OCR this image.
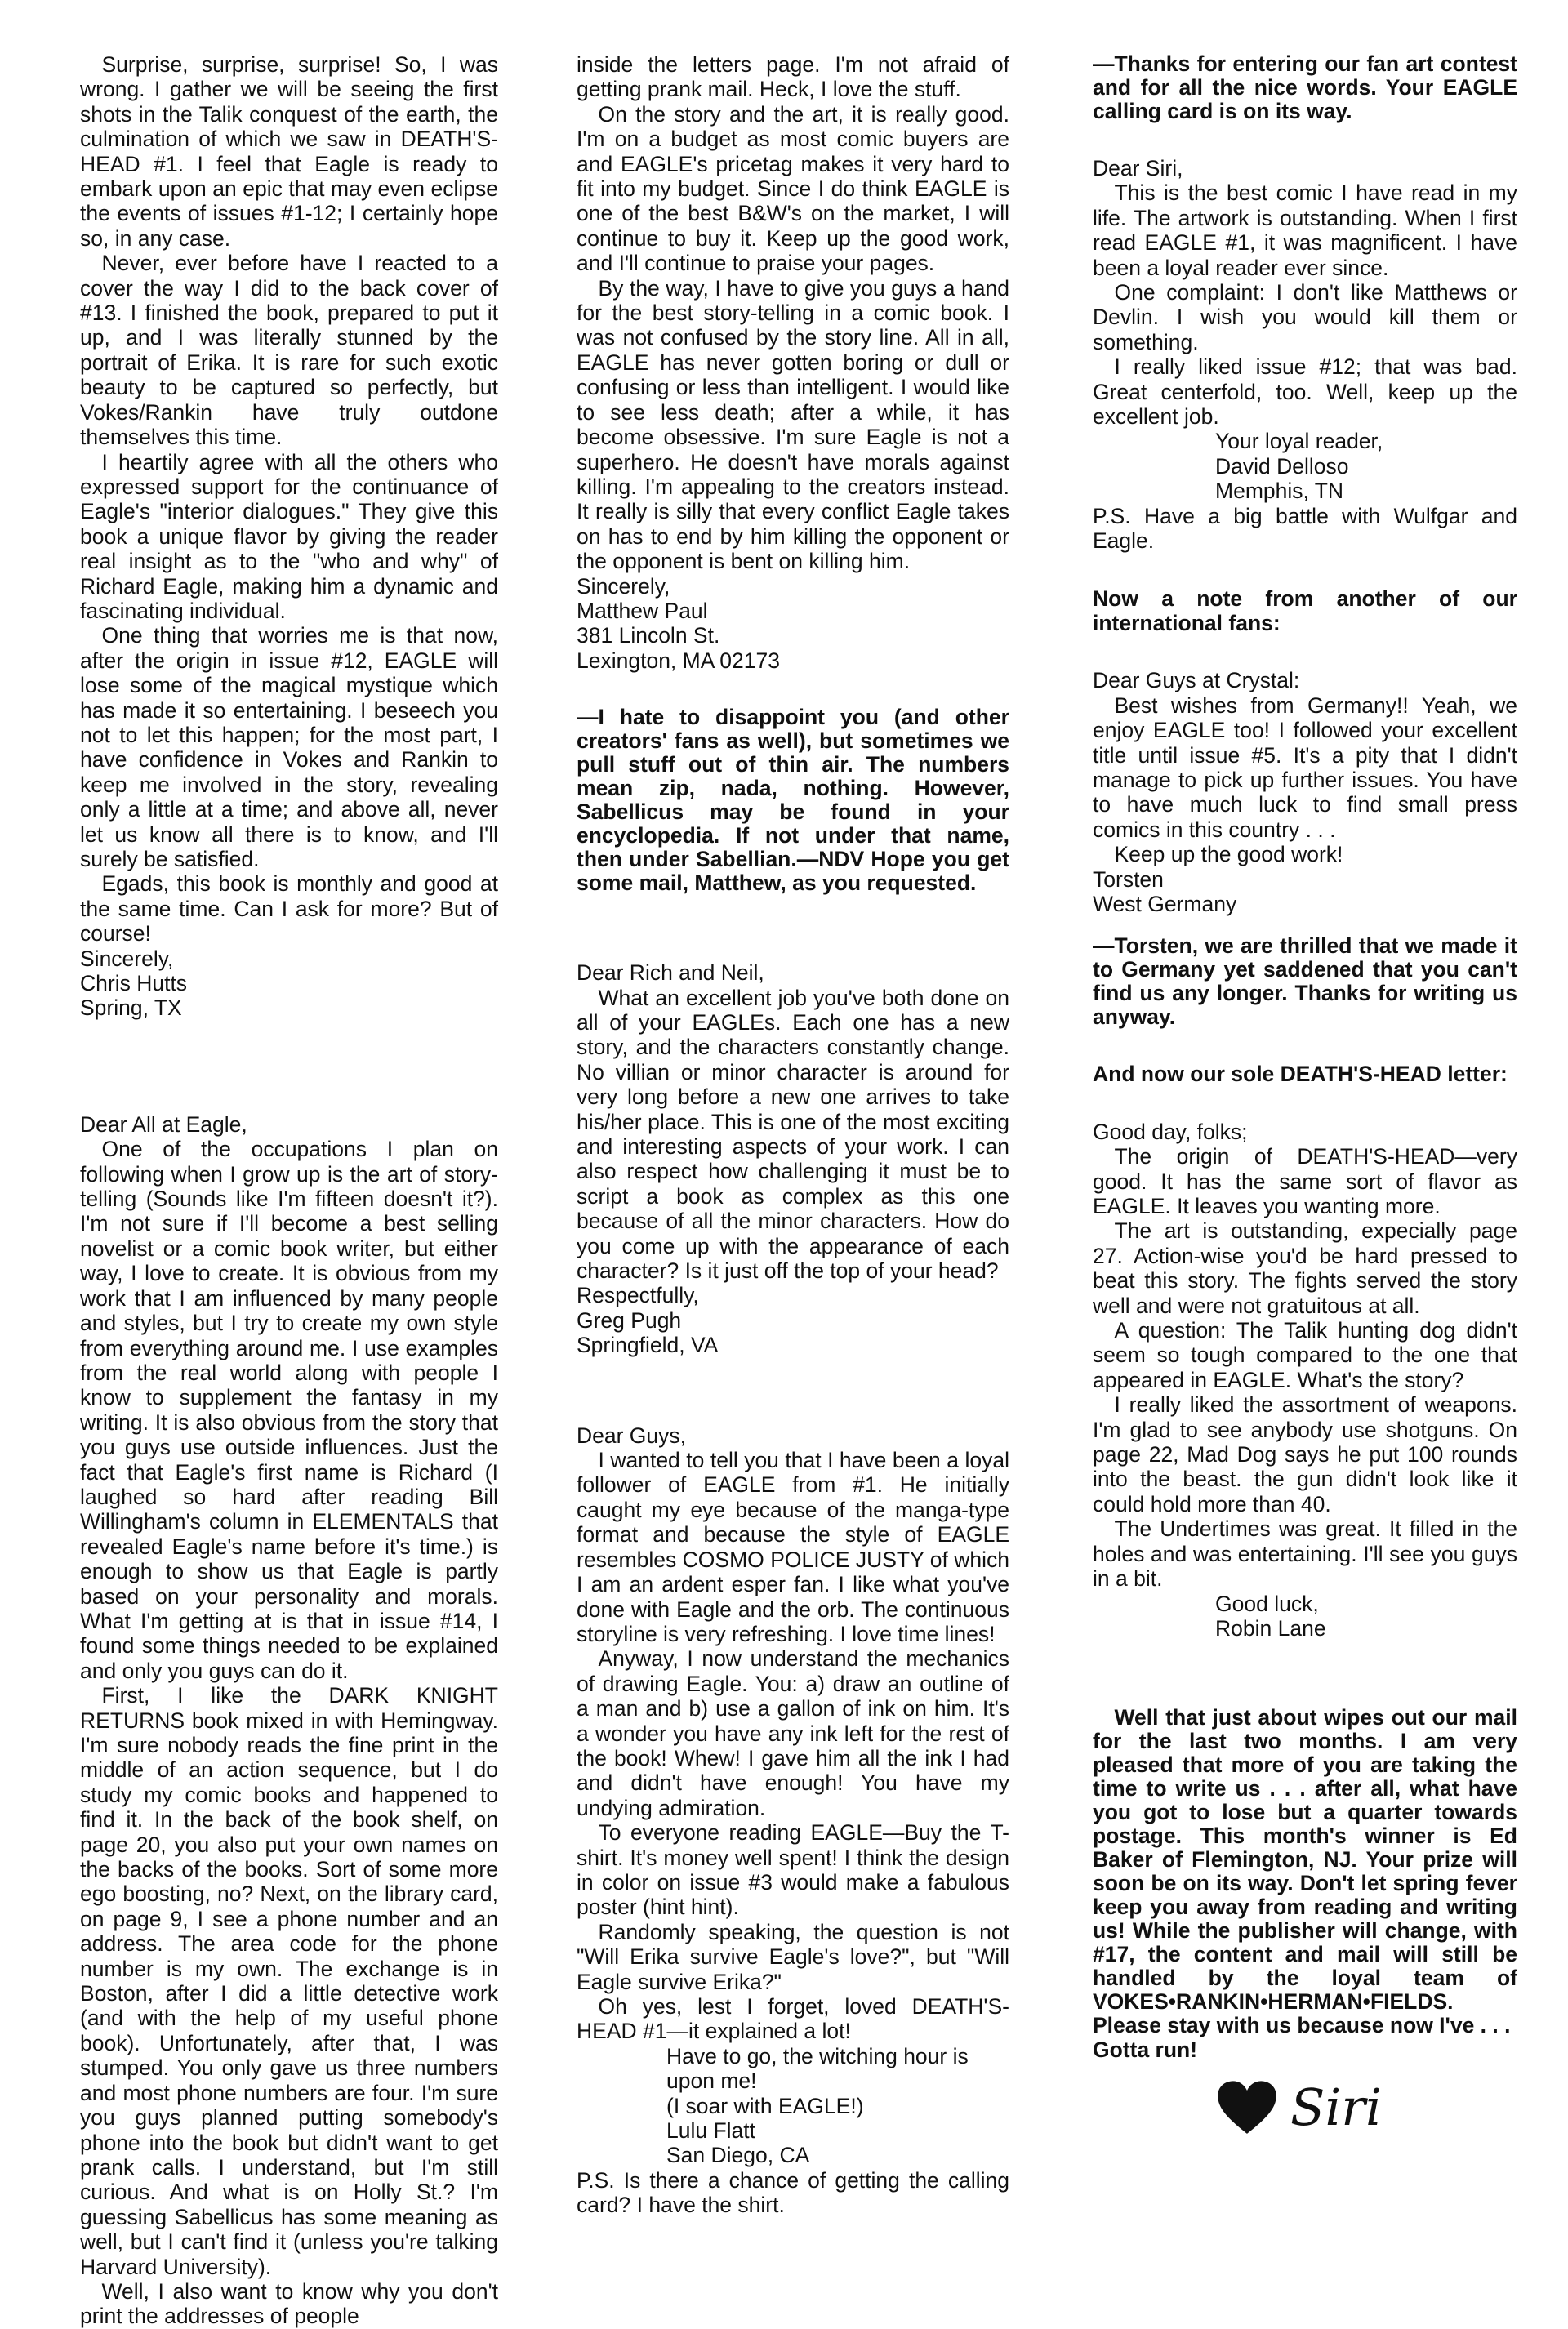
Surprise, surprise, surprise! So, I was wrong. I gather we will be seeing the first shots in the Talik conquest of the earth, the culmination of which we saw in DEATH'S-HEAD #1. I feel that Eagle is ready to embark upon an epic that may even eclipse the events of issues #1-12; I certainly hope so, in any case.

Never, ever before have I reacted to a cover the way I did to the back cover of #13. I finished the book, prepared to put it up, and I was literally stunned by the portrait of Erika. It is rare for such exotic beauty to be captured so perfectly, but Vokes/Rankin have truly outdone themselves this time.

I heartily agree with all the others who expressed support for the continuance of Eagle's "interior dialogues." They give this book a unique flavor by giving the reader real insight as to the "who and why" of Richard Eagle, making him a dynamic and fascinating individual.

One thing that worries me is that now, after the origin in issue #12, EAGLE will lose some of the magical mystique which has made it so entertaining. I beseech you not to let this happen; for the most part, I have confidence in Vokes and Rankin to keep me involved in the story, revealing only a little at a time; and above all, never let us know all there is to know, and I'll surely be satisfied.

Egads, this book is monthly and good at the same time. Can I ask for more? But of course!

Sincerely,

Chris Hutts

Spring, TX

Dear All at Eagle,

One of the occupations I plan on following when I grow up is the art of story-telling (Sounds like I'm fifteen doesn't it?). I'm not sure if I'll become a best selling novelist or a comic book writer, but either way, I love to create. It is obvious from my work that I am influenced by many people and styles, but I try to create my own style from everything around me. I use examples from the real world along with people I know to supplement the fantasy in my writing. It is also obvious from the story that you guys use outside influences. Just the fact that Eagle's first name is Richard (I laughed so hard after reading Bill Willingham's column in ELEMENTALS that revealed Eagle's name before it's time.) is enough to show us that Eagle is partly based on your personality and morals. What I'm getting at is that in issue #14, I found some things needed to be explained and only you guys can do it.

First, I like the DARK KNIGHT RETURNS book mixed in with Hemingway. I'm sure nobody reads the fine print in the middle of an action sequence, but I do study my comic books and happened to find it. In the back of the book shelf, on page 20, you also put your own names on the backs of the books. Sort of some more ego boosting, no? Next, on the library card, on page 9, I see a phone number and an address. The area code for the phone number is my own. The exchange is in Boston, after I did a little detective work (and with the help of my useful phone book). Unfortunately, after that, I was stumped. You only gave us three numbers and most phone numbers are four. I'm sure you guys planned putting somebody's phone into the book but didn't want to get prank calls. I understand, but I'm still curious. And what is on Holly St.? I'm guessing Sabellicus has some meaning as well, but I can't find it (unless you're talking Harvard University).

Well, I also want to know why you don't print the addresses of people

inside the letters page. I'm not afraid of getting prank mail. Heck, I love the stuff.

On the story and the art, it is really good. I'm on a budget as most comic buyers are and EAGLE's pricetag makes it very hard to fit into my budget. Since I do think EAGLE is one of the best B&W's on the market, I will continue to buy it. Keep up the good work, and I'll continue to praise your pages.

By the way, I have to give you guys a hand for the best story-telling in a comic book. I was not confused by the story line. All in all, EAGLE has never gotten boring or dull or confusing or less than intelligent. I would like to see less death; after a while, it has become obsessive. I'm sure Eagle is not a superhero. He doesn't have morals against killing. I'm appealing to the creators instead. It really is silly that every conflict Eagle takes on has to end by him killing the opponent or the opponent is bent on killing him.

Sincerely,

Matthew Paul

381 Lincoln St.

Lexington, MA 02173

—I hate to disappoint you (and other creators' fans as well), but sometimes we pull stuff out of thin air. The numbers mean zip, nada, nothing. However, Sabellicus may be found in your encyclopedia. If not under that name, then under Sabellian.—NDV Hope you get some mail, Matthew, as you requested.

Dear Rich and Neil,

What an excellent job you've both done on all of your EAGLEs. Each one has a new story, and the characters constantly change. No villian or minor character is around for very long before a new one arrives to take his/her place. This is one of the most exciting and interesting aspects of your work. I can also respect how challenging it must be to script a book as complex as this one because of all the minor characters. How do you come up with the appearance of each character? Is it just off the top of your head?

Respectfully,

Greg Pugh

Springfield, VA

Dear Guys,

I wanted to tell you that I have been a loyal follower of EAGLE from #1. He initially caught my eye because of the manga-type format and because the style of EAGLE resembles COSMO POLICE JUSTY of which I am an ardent esper fan. I like what you've done with Eagle and the orb. The continuous storyline is very refreshing. I love time lines!

Anyway, I now understand the mechanics of drawing Eagle. You: a) draw an outline of a man and b) use a gallon of ink on him. It's a wonder you have any ink left for the rest of the book! Whew! I gave him all the ink I had and didn't have enough! You have my undying admiration.

To everyone reading EAGLE—Buy the T-shirt. It's money well spent! I think the design in color on issue #3 would make a fabulous poster (hint hint).

Randomly speaking, the question is not "Will Erika survive Eagle's love?", but "Will Eagle survive Erika?"

Oh yes, lest I forget, loved DEATH'S-HEAD #1—it explained a lot!

Have to go, the witching hour is upon me!

(I soar with EAGLE!)

Lulu Flatt

San Diego, CA

P.S. Is there a chance of getting the calling card? I have the shirt.

—Thanks for entering our fan art contest and for all the nice words. Your EAGLE calling card is on its way.

Dear Siri,

This is the best comic I have read in my life. The artwork is outstanding. When I first read EAGLE #1, it was magnificent. I have been a loyal reader ever since.

One complaint: I don't like Matthews or Devlin. I wish you would kill them or something.

I really liked issue #12; that was bad. Great centerfold, too. Well, keep up the excellent job.

Your loyal reader,

David Delloso

Memphis, TN

P.S. Have a big battle with Wulfgar and Eagle.

Now a note from another of our international fans:

Dear Guys at Crystal:

Best wishes from Germany!! Yeah, we enjoy EAGLE too! I followed your excellent title until issue #5. It's a pity that I didn't manage to pick up further issues. You have to have much luck to find small press comics in this country . . .

Keep up the good work!

Torsten

West Germany

—Torsten, we are thrilled that we made it to Germany yet saddened that you can't find us any longer. Thanks for writing us anyway.

And now our sole DEATH'S-HEAD letter:

Good day, folks;

The origin of DEATH'S-HEAD—very good. It has the same sort of flavor as EAGLE. It leaves you wanting more.

The art is outstanding, expecially page 27. Action-wise you'd be hard pressed to beat this story. The fights served the story well and were not gratuitous at all.

A question: The Talik hunting dog didn't seem so tough compared to the one that appeared in EAGLE. What's the story?

I really liked the assortment of weapons. I'm glad to see anybody use shotguns. On page 22, Mad Dog says he put 100 rounds into the beast. the gun didn't look like it could hold more than 40.

The Undertimes was great. It filled in the holes and was entertaining. I'll see you guys in a bit.

Good luck,

Robin Lane

Well that just about wipes out our mail for the last two months. I am very pleased that more of you are taking the time to write us . . . after all, what have you got to lose but a quarter towards postage. This month's winner is Ed Baker of Flemington, NJ. Your prize will soon be on its way. Don't let spring fever keep you away from reading and writing us! While the publisher will change, with #17, the content and mail will still be handled by the loyal team of VOKES•RANKIN•HERMAN•FIELDS. Please stay with us because now I've . . .

Gotta run!

Siri
